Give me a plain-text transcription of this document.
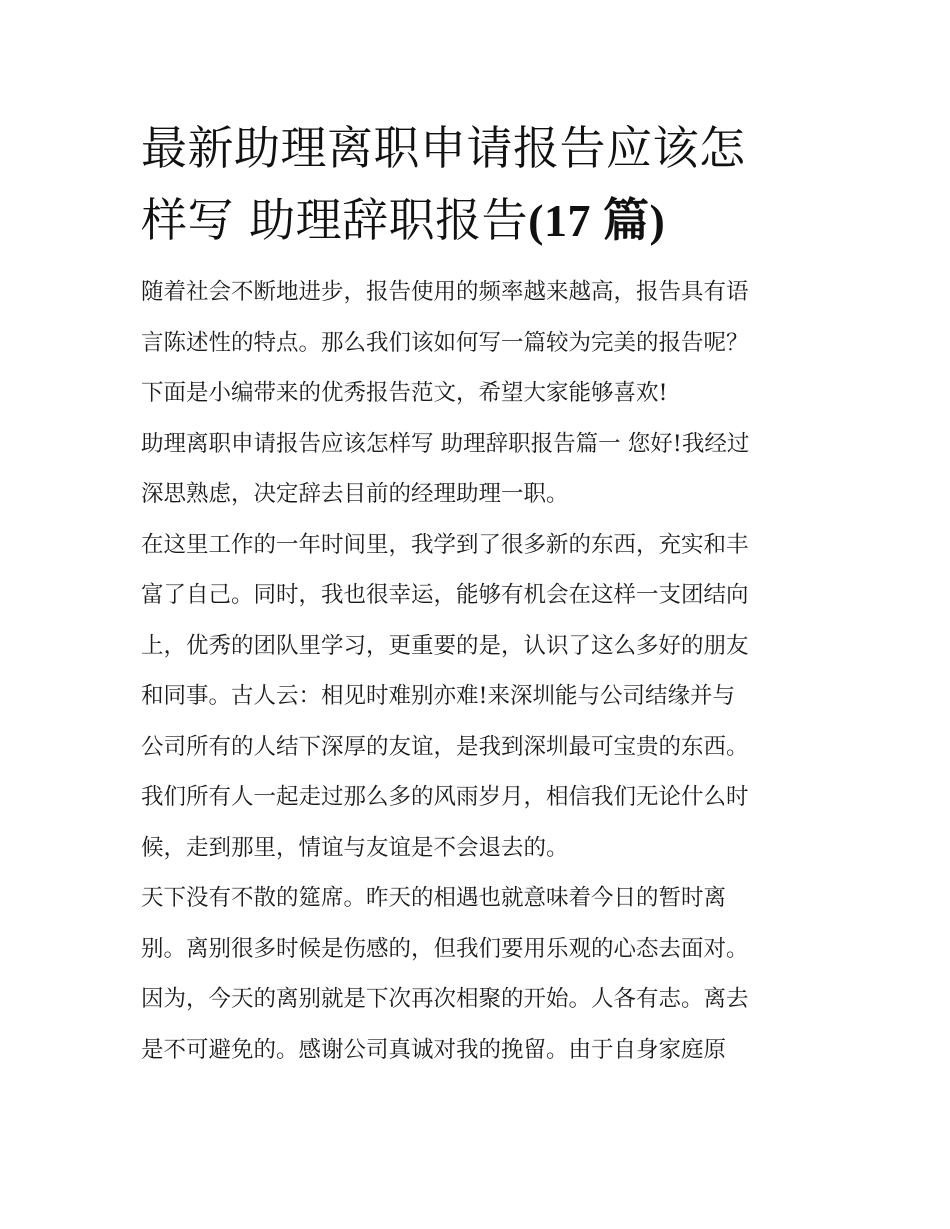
最新助理离职申请报告应该怎
样写 助理辞职报告(17 篇)
随着社会不断地进步，报告使用的频率越来越高，报告具有语
言陈述性的特点。那么我们该如何写一篇较为完美的报告呢？
下面是小编带来的优秀报告范文，希望大家能够喜欢!
助理离职申请报告应该怎样写 助理辞职报告篇一 您好!我经过
深思熟虑，决定辞去目前的经理助理一职。
在这里工作的一年时间里，我学到了很多新的东西，充实和丰
富了自己。同时，我也很幸运，能够有机会在这样一支团结向
上，优秀的团队里学习，更重要的是，认识了这么多好的朋友
和同事。古人云：相见时难别亦难!来深圳能与公司结缘并与
公司所有的人结下深厚的友谊，是我到深圳最可宝贵的东西。
我们所有人一起走过那么多的风雨岁月，相信我们无论什么时
候，走到那里，情谊与友谊是不会退去的。
天下没有不散的筵席。昨天的相遇也就意味着今日的暂时离
别。离别很多时候是伤感的，但我们要用乐观的心态去面对。
因为，今天的离别就是下次再次相聚的开始。人各有志。离去
是不可避免的。感谢公司真诚对我的挽留。由于自身家庭原
